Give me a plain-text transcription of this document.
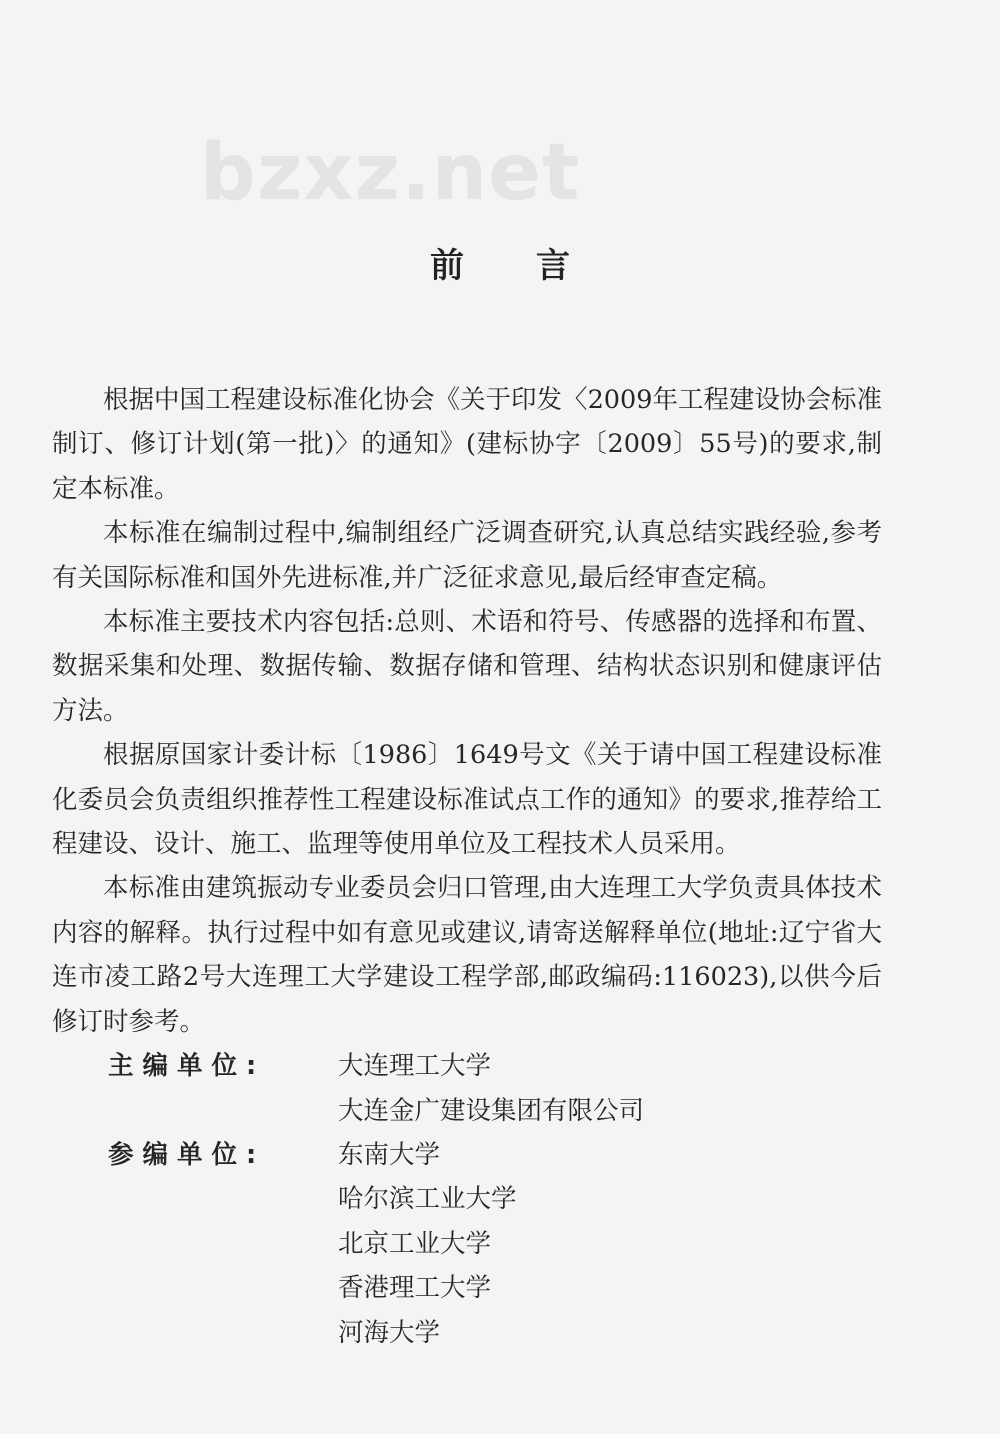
bzxz.net
前言

根据中国工程建设标准化协会《关于印发〈2009年工程建设协会标准制订、修订计划(第一批)〉的通知》(建标协字〔2009〕55号)的要求,制定本标准。

本标准在编制过程中,编制组经广泛调查研究,认真总结实践经验,参考有关国际标准和国外先进标准,并广泛征求意见,最后经审查定稿。

本标准主要技术内容包括:总则、术语和符号、传感器的选择和布置、数据采集和处理、数据传输、数据存储和管理、结构状态识别和健康评估方法。

根据原国家计委计标〔1986〕1649号文《关于请中国工程建设标准化委员会负责组织推荐性工程建设标准试点工作的通知》的要求,推荐给工程建设、设计、施工、监理等使用单位及工程技术人员采用。

本标准由建筑振动专业委员会归口管理,由大连理工大学负责具体技术内容的解释。执行过程中如有意见或建议,请寄送解释单位(地址:辽宁省大连市凌工路2号大连理工大学建设工程学部,邮政编码:116023),以供今后修订时参考。

主编单位:	大连理工大学
大连金广建设集团有限公司
参编单位:	东南大学
哈尔滨工业大学
北京工业大学
香港理工大学
河海大学
